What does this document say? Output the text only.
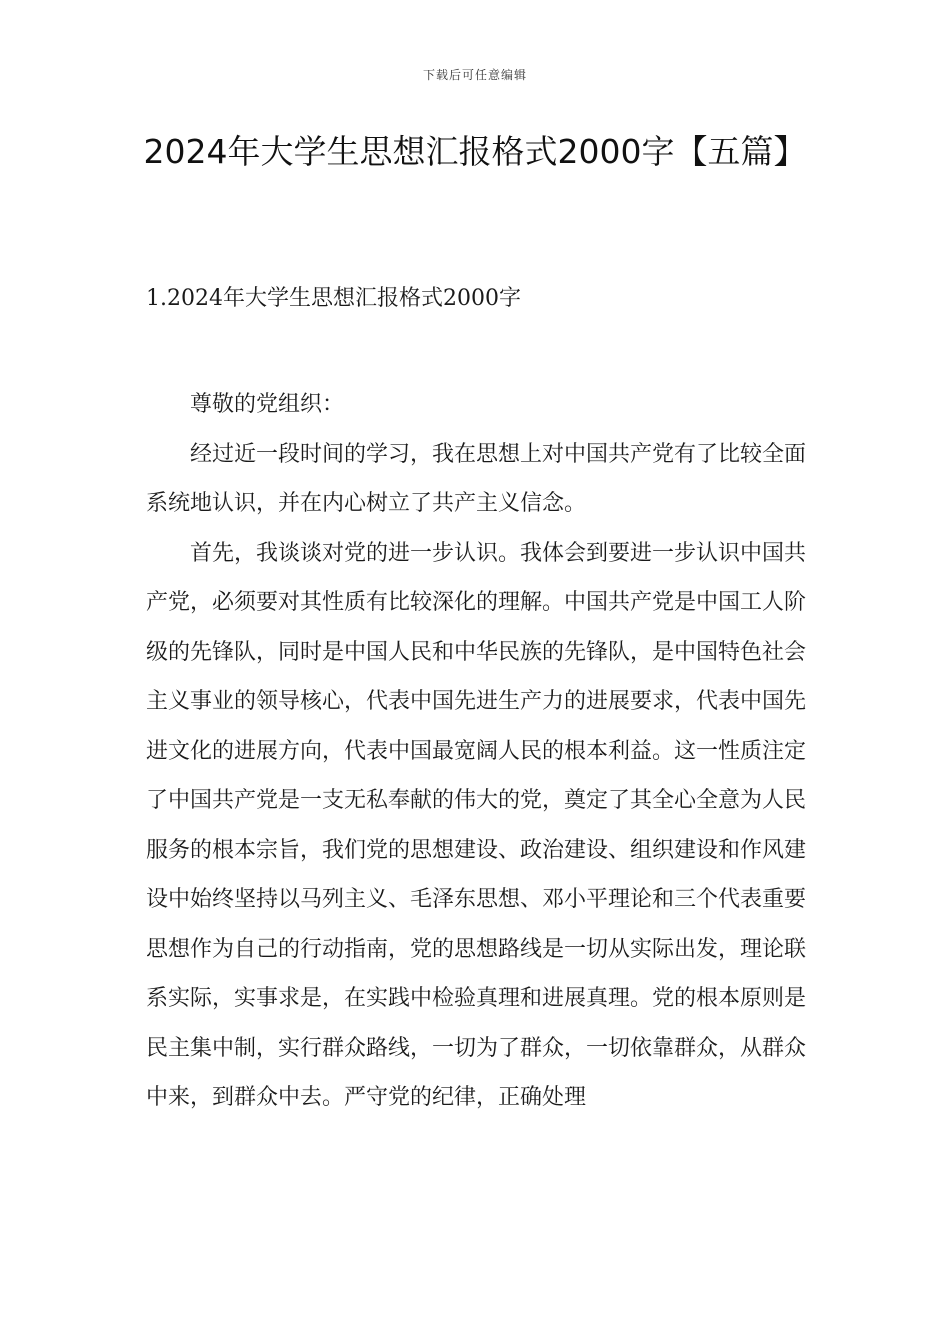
下载后可任意编辑
2024年大学生思想汇报格式2000字【五篇】
1.2024年大学生思想汇报格式2000字

尊敬的党组织：

经过近一段时间的学习，我在思想上对中国共产党有了比较全面系统地认识，并在内心树立了共产主义信念。

首先，我谈谈对党的进一步认识。我体会到要进一步认识中国共产党，必须要对其性质有比较深化的理解。中国共产党是中国工人阶级的先锋队，同时是中国人民和中华民族的先锋队，是中国特色社会主义事业的领导核心，代表中国先进生产力的进展要求，代表中国先进文化的进展方向，代表中国最宽阔人民的根本利益。这一性质注定了中国共产党是一支无私奉献的伟大的党，奠定了其全心全意为人民服务的根本宗旨，我们党的思想建设、政治建设、组织建设和作风建设中始终坚持以马列主义、毛泽东思想、邓小平理论和三个代表重要思想作为自己的行动指南，党的思想路线是一切从实际出发，理论联系实际，实事求是，在实践中检验真理和进展真理。党的根本原则是民主集中制，实行群众路线，一切为了群众，一切依靠群众，从群众中来，到群众中去。严守党的纪律，正确处理
